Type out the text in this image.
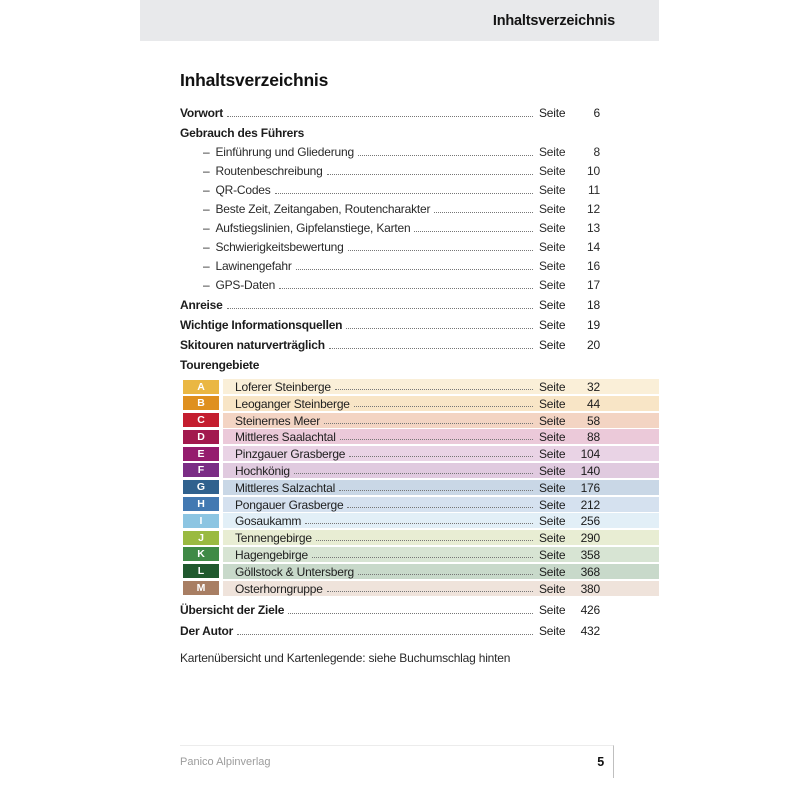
Inhaltsverzeichnis
Inhaltsverzeichnis
Vorwort	Seite	6
Gebrauch des Führers
– Einführung und Gliederung	Seite	8
– Routenbeschreibung	Seite	10
– QR-Codes	Seite	11
– Beste Zeit, Zeitangaben, Routencharakter	Seite	12
– Aufstiegslinien, Gipfelanstiege, Karten	Seite	13
– Schwierigkeitsbewertung	Seite	14
– Lawinengefahr	Seite	16
– GPS-Daten	Seite	17
Anreise	Seite	18
Wichtige Informationsquellen	Seite	19
Skitouren naturverträglich	Seite	20
Tourengebiete
A	Loferer Steinberge	Seite	32
B	Leoganger Steinberge	Seite	44
C	Steinernes Meer	Seite	58
D	Mittleres Saalachtal	Seite	88
E	Pinzgauer Grasberge	Seite	104
F	Hochkönig	Seite	140
G	Mittleres Salzachtal	Seite	176
H	Pongauer Grasberge	Seite	212
I	Gosaukamm	Seite	256
J	Tennengebirge	Seite	290
K	Hagengebirge	Seite	358
L	Göllstock & Untersberg	Seite	368
M	Osterhorngruppe	Seite	380
Übersicht der Ziele	Seite	426
Der Autor	Seite	432
Kartenübersicht und Kartenlegende: siehe Buchumschlag hinten
Panico Alpinverlag	5
